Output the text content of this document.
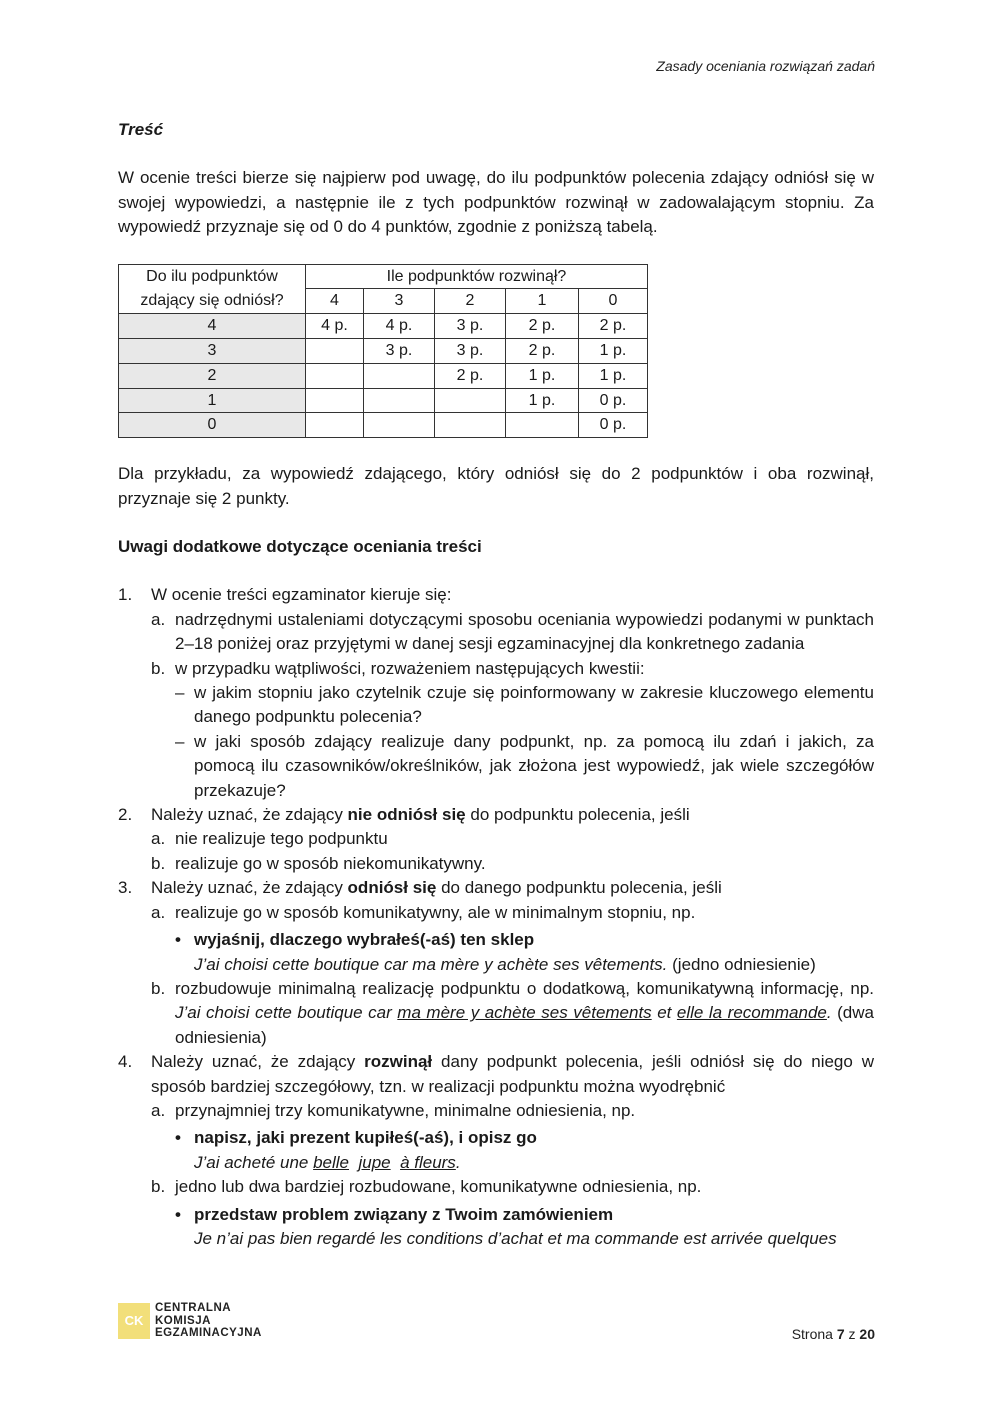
Zasady oceniania rozwiązań zadań
Treść
W ocenie treści bierze się najpierw pod uwagę, do ilu podpunktów polecenia zdający odniósł się w swojej wypowiedzi, a następnie ile z tych podpunktów rozwinął w zadowalającym stopniu. Za wypowiedź przyznaje się od 0 do 4 punktów, zgodnie z poniższą tabelą.
Do ilu podpunktów	Ile podpunktów rozwinął?				
zdający się odniósł?	4	3	2	1	0
4	4 p.	4 p.	3 p.	2 p.	2 p.
3		3 p.	3 p.	2 p.	1 p.
2			2 p.	1 p.	1 p.
1				1 p.	0 p.
0					0 p.
Dla przykładu, za wypowiedź zdającego, który odniósł się do 2 podpunktów i oba rozwinął, przyznaje się 2 punkty.
Uwagi dodatkowe dotyczące oceniania treści
1. W ocenie treści egzaminator kieruje się:
a. nadrzędnymi ustaleniami dotyczącymi sposobu oceniania wypowiedzi podanymi w punktach 2–18 poniżej oraz przyjętymi w danej sesji egzaminacyjnej dla konkretnego zadania
b. w przypadku wątpliwości, rozważeniem następujących kwestii:
– w jakim stopniu jako czytelnik czuje się poinformowany w zakresie kluczowego elementu danego podpunktu polecenia?
– w jaki sposób zdający realizuje dany podpunkt, np. za pomocą ilu zdań i jakich, za pomocą ilu czasowników/określników, jak złożona jest wypowiedź, jak wiele szczegółów przekazuje?
2. Należy uznać, że zdający nie odniósł się do podpunktu polecenia, jeśli
a. nie realizuje tego podpunktu
b. realizuje go w sposób niekomunikatywny.
3. Należy uznać, że zdający odniósł się do danego podpunktu polecenia, jeśli
a. realizuje go w sposób komunikatywny, ale w minimalnym stopniu, np.
• wyjaśnij, dlaczego wybrałeś(-aś) ten sklep
J’ai choisi cette boutique car ma mère y achète ses vêtements. (jedno odniesienie)
b. rozbudowuje minimalną realizację podpunktu o dodatkową, komunikatywną informację, np. J’ai choisi cette boutique car ma mère y achète ses vêtements et elle la recommande. (dwa odniesienia)
4. Należy uznać, że zdający rozwinął dany podpunkt polecenia, jeśli odniósł się do niego w sposób bardziej szczegółowy, tzn. w realizacji podpunktu można wyodrębnić
a. przynajmniej trzy komunikatywne, minimalne odniesienia, np.
• napisz, jaki prezent kupiłeś(-aś), i opisz go
J’ai acheté une belle jupe à fleurs.
b. jedno lub dwa bardziej rozbudowane, komunikatywne odniesienia, np.
• przedstaw problem związany z Twoim zamówieniem
Je n’ai pas bien regardé les conditions d’achat et ma commande est arrivée quelques
CK
CENTRALNA
KOMISJA
EGZAMINACYJNA	Strona 7 z 20
